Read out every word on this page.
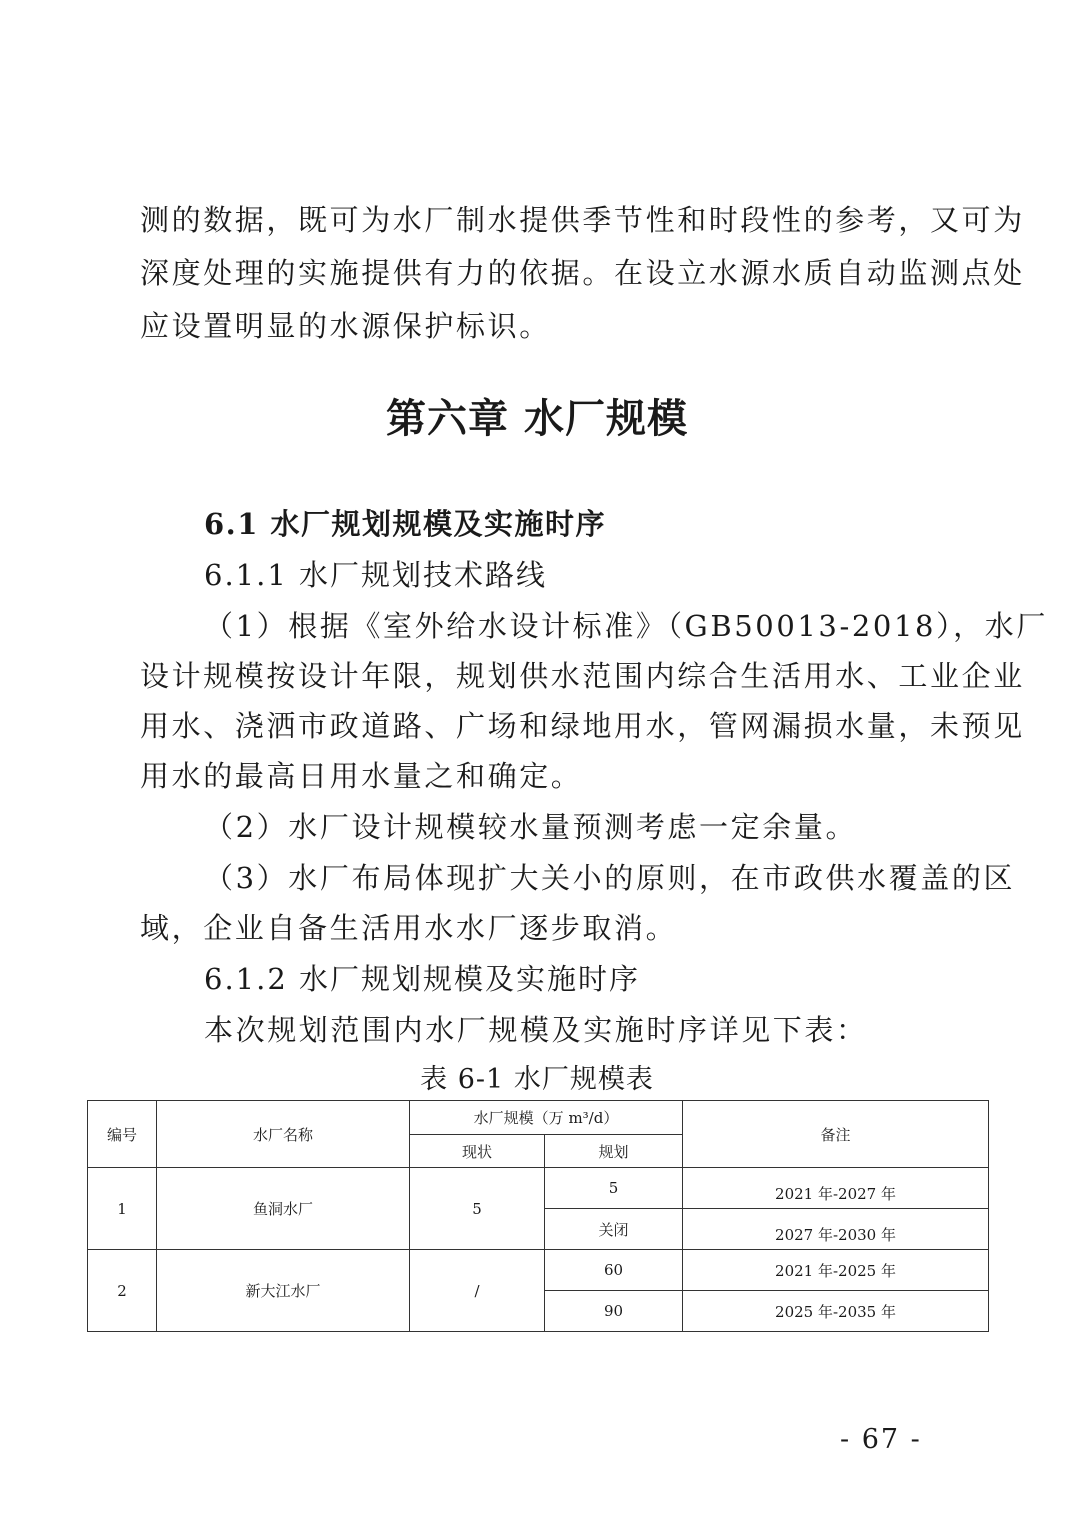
测的数据，既可为水厂制水提供季节性和时段性的参考，又可为
深度处理的实施提供有力的依据。在设立水源水质自动监测点处
应设置明显的水源保护标识。
第六章 水厂规模
6.1 水厂规划规模及实施时序
6.1.1 水厂规划技术路线
（1）根据《室外给水设计标准》（GB50013-2018），水厂
设计规模按设计年限，规划供水范围内综合生活用水、工业企业
用水、浇洒市政道路、广场和绿地用水，管网漏损水量，未预见
用水的最高日用水量之和确定。
（2）水厂设计规模较水量预测考虑一定余量。
（3）水厂布局体现扩大关小的原则，在市政供水覆盖的区
域，企业自备生活用水水厂逐步取消。
6.1.2 水厂规划规模及实施时序
本次规划范围内水厂规模及实施时序详见下表：
表 6-1 水厂规模表
编号	水厂名称	水厂规模（万 m³/d）		备注
		现状	规划	
1	鱼洞水厂	5	5	2021 年-2027 年
			关闭	2027 年-2030 年
2	新大江水厂	/	60	2021 年-2025 年
			90	2025 年-2035 年
- 67 -
